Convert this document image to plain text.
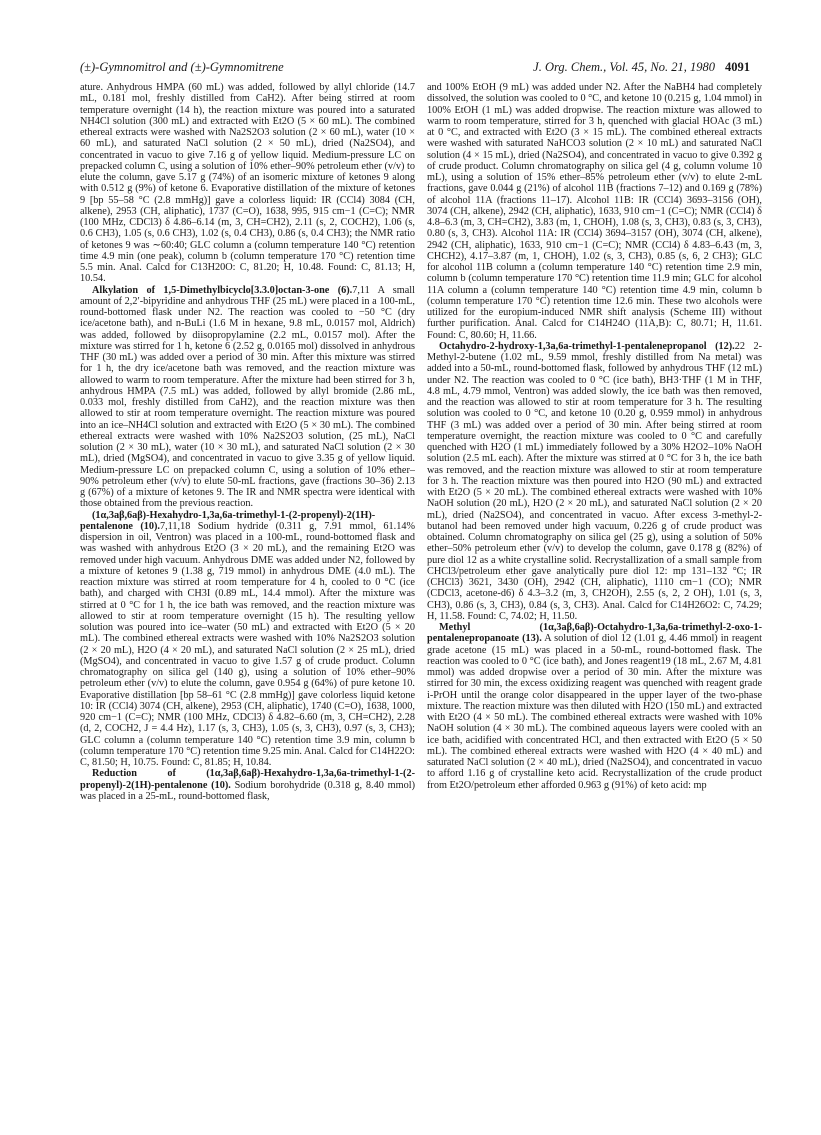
(±)-Gymnomitrol and (±)-Gymnomitrene	J. Org. Chem., Vol. 45, No. 21, 1980 4091

ature. Anhydrous HMPA (60 mL) was added, followed by allyl chloride (14.7 mL, 0.181 mol, freshly distilled from CaH2). After being stirred at room temperature overnight (14 h), the reaction mixture was poured into a saturated NH4Cl solution (300 mL) and extracted with Et2O (5 × 60 mL). The combined ethereal extracts were washed with Na2S2O3 solution (2 × 60 mL), water (10 × 60 mL), and saturated NaCl solution (2 × 50 mL), dried (Na2SO4), and concentrated in vacuo to give 7.16 g of yellow liquid. Medium-pressure LC on prepacked column C, using a solution of 10% ether–90% petroleum ether (v/v) to elute the column, gave 5.17 g (74%) of an isomeric mixture of ketones 9 along with 0.512 g (9%) of ketone 6. Evaporative distillation of the mixture of ketones 9 [bp 55–58 °C (2.8 mmHg)] gave a colorless liquid: IR (CCl4) 3084 (CH, alkene), 2953 (CH, aliphatic), 1737 (C=O), 1638, 995, 915 cm−1 (C=C); NMR (100 MHz, CDCl3) δ 4.86–6.14 (m, 3, CH=CH2), 2.11 (s, 2, COCH2), 1.06 (s, 0.6 CH3), 1.05 (s, 0.6 CH3), 1.02 (s, 0.4 CH3), 0.86 (s, 0.4 CH3); the NMR ratio of ketones 9 was ∼60:40; GLC column a (column temperature 140 °C) retention time 4.9 min (one peak), column b (column temperature 170 °C) retention time 5.5 min. Anal. Calcd for C13H20O: C, 81.20; H, 10.48. Found: C, 81.13; H, 10.54.

Alkylation of 1,5-Dimethylbicyclo[3.3.0]octan-3-one (6).7,11 A small amount of 2,2′-bipyridine and anhydrous THF (25 mL) were placed in a 100-mL, round-bottomed flask under N2. The reaction was cooled to −50 °C (dry ice/acetone bath), and n-BuLi (1.6 M in hexane, 9.8 mL, 0.0157 mol, Aldrich) was added, followed by diisopropylamine (2.2 mL, 0.0157 mol). After the mixture was stirred for 1 h, ketone 6 (2.52 g, 0.0165 mol) dissolved in anhydrous THF (30 mL) was added over a period of 30 min. After this mixture was stirred for 1 h, the dry ice/acetone bath was removed, and the reaction mixture was allowed to warm to room temperature. After the mixture had been stirred for 3 h, anhydrous HMPA (7.5 mL) was added, followed by allyl bromide (2.86 mL, 0.033 mol, freshly distilled from CaH2), and the reaction mixture was then allowed to stir at room temperature overnight. The reaction mixture was poured into an ice–NH4Cl solution and extracted with Et2O (5 × 30 mL). The combined ethereal extracts were washed with 10% Na2S2O3 solution, (25 mL), NaCl solution (2 × 30 mL), water (10 × 30 mL), and saturated NaCl solution (2 × 30 mL), dried (MgSO4), and concentrated in vacuo to give 3.35 g of yellow liquid. Medium-pressure LC on prepacked column C, using a solution of 10% ether–90% petroleum ether (v/v) to elute 50-mL fractions, gave (fractions 30–36) 2.13 g (67%) of a mixture of ketones 9. The IR and NMR spectra were identical with those obtained from the previous reaction.

(1α,3aβ,6aβ)-Hexahydro-1,3a,6a-trimethyl-1-(2-propenyl)-2(1H)-pentalenone (10).7,11,18 Sodium hydride (0.311 g, 7.91 mmol, 61.14% dispersion in oil, Ventron) was placed in a 100-mL, round-bottomed flask and was washed with anhydrous Et2O (3 × 20 mL), and the remaining Et2O was removed under high vacuum. Anhydrous DME was added under N2, followed by a mixture of ketones 9 (1.38 g, 719 mmol) in anhydrous DME (4.0 mL). The reaction mixture was stirred at room temperature for 4 h, cooled to 0 °C (ice bath), and charged with CH3I (0.89 mL, 14.4 mmol). After the mixture was stirred at 0 °C for 1 h, the ice bath was removed, and the reaction mixture was allowed to stir at room temperature overnight (15 h). The resulting yellow solution was poured into ice–water (50 mL) and extracted with Et2O (5 × 20 mL). The combined ethereal extracts were washed with 10% Na2S2O3 solution (2 × 20 mL), H2O (4 × 20 mL), and saturated NaCl solution (2 × 25 mL), dried (MgSO4), and concentrated in vacuo to give 1.57 g of crude product. Column chromatography on silica gel (140 g), using a solution of 10% ether–90% petroleum ether (v/v) to elute the column, gave 0.954 g (64%) of pure ketone 10. Evaporative distillation [bp 58–61 °C (2.8 mmHg)] gave colorless liquid ketone 10: IR (CCl4) 3074 (CH, alkene), 2953 (CH, aliphatic), 1740 (C=O), 1638, 1000, 920 cm−1 (C=C); NMR (100 MHz, CDCl3) δ 4.82–6.60 (m, 3, CH=CH2), 2.28 (d, 2, COCH2, J = 4.4 Hz), 1.17 (s, 3, CH3), 1.05 (s, 3, CH3), 0.97 (s, 3, CH3); GLC column a (column temperature 140 °C) retention time 3.9 min, column b (column temperature 170 °C) retention time 9.25 min. Anal. Calcd for C14H22O: C, 81.50; H, 10.75. Found: C, 81.85; H, 10.84.

Reduction of (1α,3aβ,6aβ)-Hexahydro-1,3a,6a-trimethyl-1-(2-propenyl)-2(1H)-pentalenone (10). Sodium borohydride (0.318 g, 8.40 mmol) was placed in a 25-mL, round-bottomed flask,

and 100% EtOH (9 mL) was added under N2. After the NaBH4 had completely dissolved, the solution was cooled to 0 °C, and ketone 10 (0.215 g, 1.04 mmol) in 100% EtOH (1 mL) was added dropwise. The reaction mixture was allowed to warm to room temperature, stirred for 3 h, quenched with glacial HOAc (3 mL) at 0 °C, and extracted with Et2O (3 × 15 mL). The combined ethereal extracts were washed with saturated NaHCO3 solution (2 × 10 mL) and saturated NaCl solution (4 × 15 mL), dried (Na2SO4), and concentrated in vacuo to give 0.392 g of crude product. Column chromatography on silica gel (4 g, column volume 10 mL), using a solution of 15% ether–85% petroleum ether (v/v) to elute 2-mL fractions, gave 0.044 g (21%) of alcohol 11B (fractions 7–12) and 0.169 g (78%) of alcohol 11A (fractions 11–17). Alcohol 11B: IR (CCl4) 3693–3156 (OH), 3074 (CH, alkene), 2942 (CH, aliphatic), 1633, 910 cm−1 (C=C); NMR (CCl4) δ 4.8–6.3 (m, 3, CH=CH2), 3.83 (m, 1, CHOH), 1.08 (s, 3, CH3), 0.83 (s, 3, CH3), 0.80 (s, 3, CH3). Alcohol 11A: IR (CCl4) 3694–3157 (OH), 3074 (CH, alkene), 2942 (CH, aliphatic), 1633, 910 cm−1 (C=C); NMR (CCl4) δ 4.83–6.43 (m, 3, CHCH2), 4.17–3.87 (m, 1, CHOH), 1.02 (s, 3, CH3), 0.85 (s, 6, 2 CH3); GLC for alcohol 11B column a (column temperature 140 °C) retention time 2.9 min, column b (column temperature 170 °C) retention time 11.9 min; GLC for alcohol 11A column a (column temperature 140 °C) retention time 4.9 min, column b (column temperature 170 °C) retention time 12.6 min. These two alcohols were utilized for the europium-induced NMR shift analysis (Scheme III) without further purification. Anal. Calcd for C14H24O (11A,B): C, 80.71; H, 11.61. Found: C, 80.60; H, 11.66.

Octahydro-2-hydroxy-1,3a,6a-trimethyl-1-pentalenepropanol (12).22 2-Methyl-2-butene (1.02 mL, 9.59 mmol, freshly distilled from Na metal) was added into a 50-mL, round-bottomed flask, followed by anhydrous THF (12 mL) under N2. The reaction was cooled to 0 °C (ice bath), BH3·THF (1 M in THF, 4.8 mL, 4.79 mmol, Ventron) was added slowly, the ice bath was then removed, and the reaction was allowed to stir at room temperature for 3 h. The resulting solution was cooled to 0 °C, and ketone 10 (0.20 g, 0.959 mmol) in anhydrous THF (3 mL) was added over a period of 30 min. After being stirred at room temperature overnight, the reaction mixture was cooled to 0 °C and carefully quenched with H2O (1 mL) immediately followed by a 30% H2O2–10% NaOH solution (2.5 mL each). After the mixture was stirred at 0 °C for 3 h, the ice bath was removed, and the reaction mixture was allowed to stir at room temperature for 3 h. The reaction mixture was then poured into H2O (90 mL) and extracted with Et2O (5 × 20 mL). The combined ethereal extracts were washed with 10% NaOH solution (20 mL), H2O (2 × 20 mL), and saturated NaCl solution (2 × 20 mL), dried (Na2SO4), and concentrated in vacuo. After excess 3-methyl-2-butanol had been removed under high vacuum, 0.226 g of crude product was obtained. Column chromatography on silica gel (25 g), using a solution of 50% ether–50% petroleum ether (v/v) to develop the column, gave 0.178 g (82%) of pure diol 12 as a white crystalline solid. Recrystallization of a small sample from CHCl3/petroleum ether gave analytically pure diol 12: mp 131–132 °C; IR (CHCl3) 3621, 3430 (OH), 2942 (CH, aliphatic), 1110 cm−1 (CO); NMR (CDCl3, acetone-d6) δ 4.3–3.2 (m, 3, CH2OH), 2.55 (s, 2, 2 OH), 1.01 (s, 3, CH3), 0.86 (s, 3, CH3), 0.84 (s, 3, CH3). Anal. Calcd for C14H26O2: C, 74.29; H, 11.58. Found: C, 74.02; H, 11.50.

Methyl (1α,3aβ,6aβ)-Octahydro-1,3a,6a-trimethyl-2-oxo-1-pentalenepropanoate (13). A solution of diol 12 (1.01 g, 4.46 mmol) in reagent grade acetone (15 mL) was placed in a 50-mL, round-bottomed flask. The reaction was cooled to 0 °C (ice bath), and Jones reagent19 (18 mL, 2.67 M, 4.81 mmol) was added dropwise over a period of 30 min. After the mixture was stirred for 30 min, the excess oxidizing reagent was quenched with reagent grade i-PrOH until the orange color disappeared in the upper layer of the two-phase mixture. The reaction mixture was then diluted with H2O (150 mL) and extracted with Et2O (4 × 50 mL). The combined ethereal extracts were washed with 10% NaOH solution (4 × 30 mL). The combined aqueous layers were cooled with an ice bath, acidified with concentrated HCl, and then extracted with Et2O (5 × 50 mL). The combined ethereal extracts were washed with H2O (4 × 40 mL) and saturated NaCl solution (2 × 40 mL), dried (Na2SO4), and concentrated in vacuo to afford 1.16 g of crystalline keto acid. Recrystallization of the crude product from Et2O/petroleum ether afforded 0.963 g (91%) of keto acid: mp
